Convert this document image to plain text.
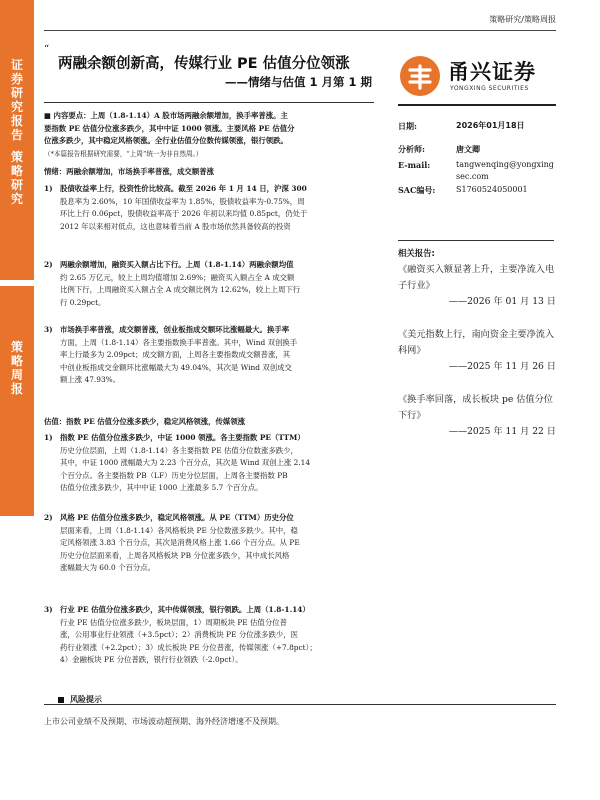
证
券
研
究
报
告
策
略
研
究
策
略
周
报
策略研究/策略周报
“
两融余额创新高，传媒行业 PE 估值分位领涨
——情绪与估值 1 月第 1 期	甬兴证券
YONGXING SECURITIES
日期:	2026年01月18日
分析师:	唐文卿
E-mail:	tangwenqing@yongxingsec.com
SAC编号:	S1760524050001
相关报告:
《融资买入额显著上升，主要净流入电子行业》
——2026 年 01 月 13 日
《美元指数上行，南向资金主要净流入科网》
——2025 年 11 月 26 日
《换手率回落，成长板块 pe 估值分位下行》
——2025 年 11 月 22 日
■ 内容要点：上周（1.8-1.14）A 股市场两融余额增加，换手率普涨。主
要指数 PE 估值分位涨多跌少，其中中证 1000 领涨。主要风格 PE 估值分
位涨多跌少，其中稳定风格领涨。全行业估值分位数传媒领涨，银行领跌。
（*本篇报告根据研究需要，“上周”统一为非自然周。）
情绪：两融余额增加，市场换手率普涨，成交额普涨
1) 股债收益率上行，投资性价比较高。截至 2026 年 1 月 14 日，沪深 300
股息率为 2.60%，10 年国债收益率为 1.85%，股债收益率为-0.75%，周
环比上行 0.06pct，股债收益率高于 2026 年初以来均值 0.85pct，仍处于
2012 年以来相对低点，这也意味着当前 A 股市场依然具备较高的投资
2) 两融余额增加，融资买入额占比下行。上周（1.8-1.14）两融余额均值
约 2.65 万亿元，较上上周均值增加 2.69%；融资买入额占全 A 成交额
比例下行，上周融资买入额占全 A 成交额比例为 12.62%，较上上周下行
行 0.29pct。
3) 市场换手率普涨，成交额普涨，创业板指成交额环比涨幅最大。换手率
方面，上周（1.8-1.14）各主要指数换手率普涨。其中，Wind 双创换手
率上行最多为 2.09pct；成交额方面，上周各主要指数成交额普涨，其
中创业板指成交金额环比涨幅最大为 49.04%，其次是 Wind 双创成交
额上涨 47.93%。
估值：指数 PE 估值分位涨多跌少，稳定风格领涨，传媒领涨
1) 指数 PE 估值分位涨多跌少，中证 1000 领涨。各主要指数 PE（TTM）
历史分位层面，上周（1.8-1.14）各主要指数 PE 估值分位数涨多跌少，
其中，中证 1000 涨幅最大为 2.23 个百分点，其次是 Wind 双创上涨 2.14
个百分点。各主要指数 PB（LF）历史分位层面，上周各主要指数 PB
估值分位涨多跌少，其中中证 1000 上涨最多 5.7 个百分点。
2) 风格 PE 估值分位涨多跌少，稳定风格领涨。从 PE（TTM）历史分位
层面来看，上周（1.8-1.14）各风格板块 PE 分位数涨多跌少。其中，稳
定风格领涨 3.83 个百分点，其次是消费风格上涨 1.66 个百分点。从 PE
历史分位层面来看，上周各风格板块 PB 分位涨多跌少，其中成长风格
涨幅最大为 60.0 个百分点。
3) 行业 PE 估值分位涨多跌少，其中传媒领涨，银行领跌。上周（1.8-1.14）
行业 PE 估值分位涨多跌少，板块层面，1）周期板块 PE 估值分位普
涨，公用事业行业领涨（+3.5pct）；2）消费板块 PE 分位涨多跌少，医
药行业领涨（+2.2pct）；3）成长板块 PE 分位普涨，传媒领涨（+7.8pct）；
4）金融板块 PE 分位普跌，银行行业领跌（-2.0pct）。
风险提示
上市公司业绩不及预期、市场波动超预期、海外经济增速不及预期。
